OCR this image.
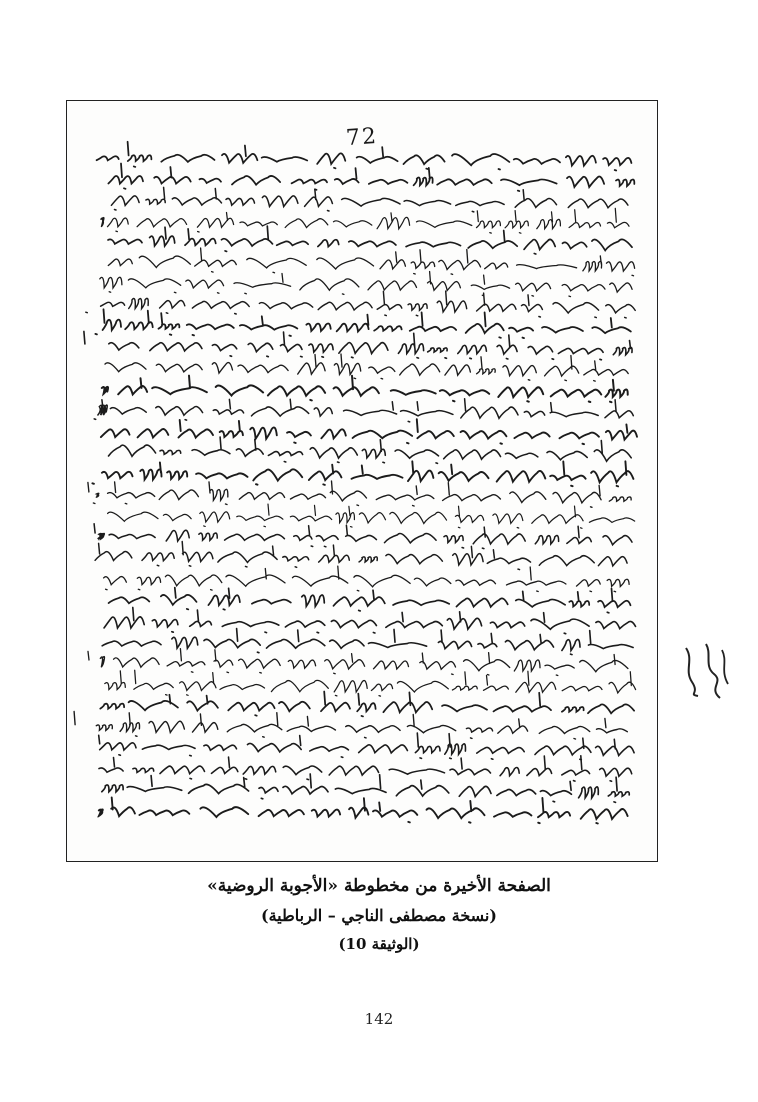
72
الصفحة الأخيرة من مخطوطة «الأجوبة الروضية»
(نسخة مصطفى الناجي – الرباطية)
(الوثيقة 10)
142
